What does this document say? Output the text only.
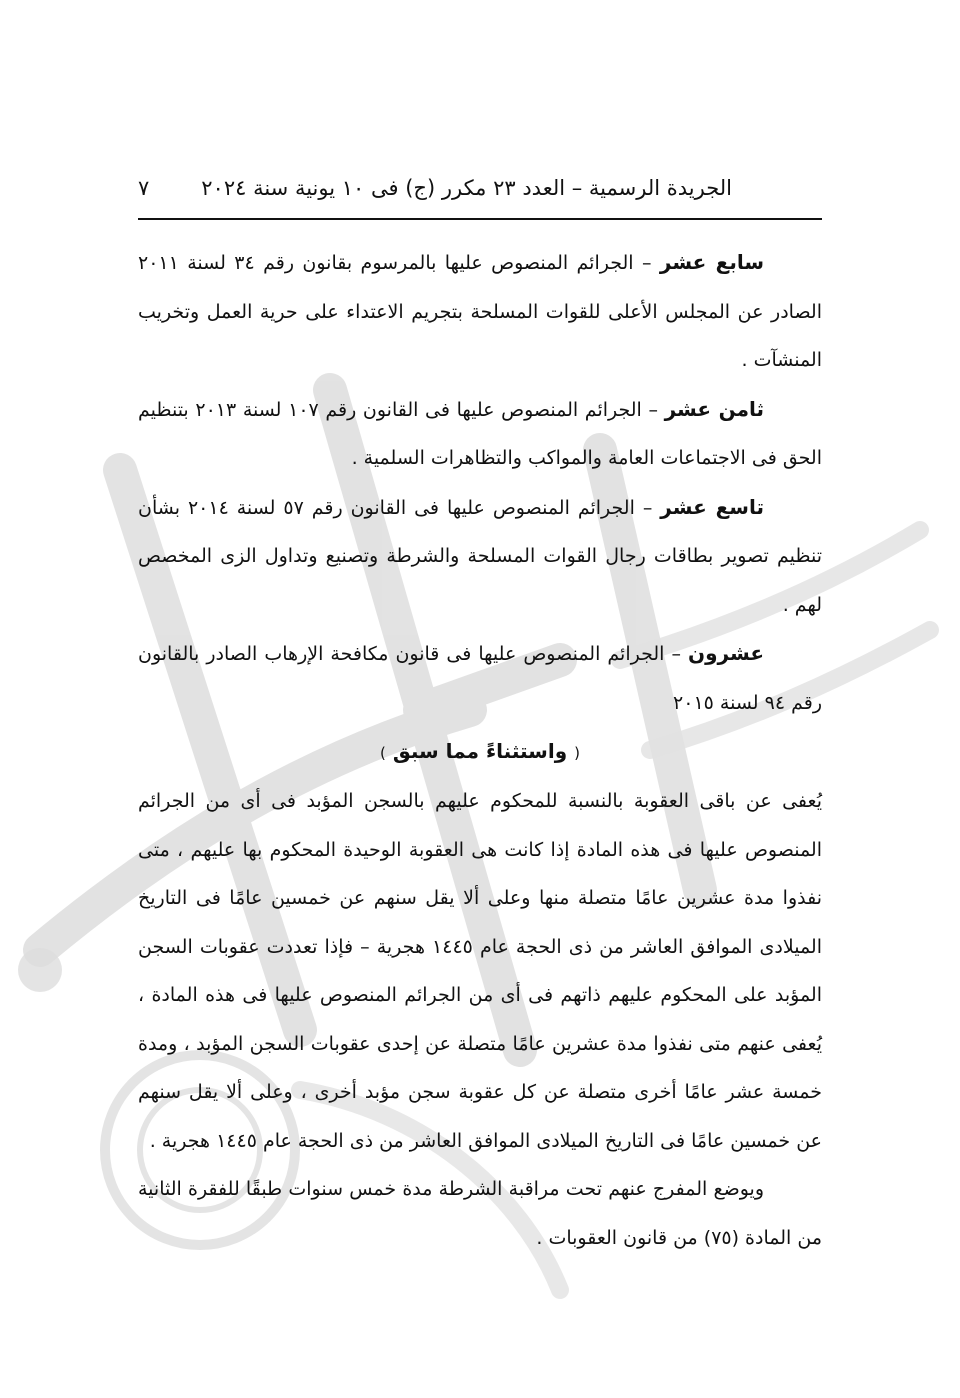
الجريدة الرسمية – العدد ٢٣ مكرر (ج) فى ١٠ يونية سنة ٢٠٢٤
٧

سابع عشر – الجرائم المنصوص عليها بالمرسوم بقانون رقم ٣٤ لسنة ٢٠١١ الصادر عن المجلس الأعلى للقوات المسلحة بتجريم الاعتداء على حرية العمل وتخريب المنشآت .

ثامن عشر – الجرائم المنصوص عليها فى القانون رقم ١٠٧ لسنة ٢٠١٣ بتنظيم الحق فى الاجتماعات العامة والمواكب والتظاهرات السلمية .

تاسع عشر – الجرائم المنصوص عليها فى القانون رقم ٥٧ لسنة ٢٠١٤ بشأن تنظيم تصوير بطاقات رجال القوات المسلحة والشرطة وتصنيع وتداول الزى المخصص لهم .

عشرون – الجرائم المنصوص عليها فى قانون مكافحة الإرهاب الصادر بالقانون رقم ٩٤ لسنة ٢٠١٥

( واستثناءً مما سبق )

يُعفى عن باقى العقوبة بالنسبة للمحكوم عليهم بالسجن المؤبد فى أى من الجرائم المنصوص عليها فى هذه المادة إذا كانت هى العقوبة الوحيدة المحكوم بها عليهم ، متى نفذوا مدة عشرين عامًا متصلة منها وعلى ألا يقل سنهم عن خمسين عامًا فى التاريخ الميلادى الموافق العاشر من ذى الحجة عام ١٤٤٥ هجرية – فإذا تعددت عقوبات السجن المؤبد على المحكوم عليهم ذاتهم فى أى من الجرائم المنصوص عليها فى هذه المادة ، يُعفى عنهم متى نفذوا مدة عشرين عامًا متصلة عن إحدى عقوبات السجن المؤبد ، ومدة خمسة عشر عامًا أخرى متصلة عن كل عقوبة سجن مؤبد أخرى ، وعلى ألا يقل سنهم عن خمسين عامًا فى التاريخ الميلادى الموافق العاشر من ذى الحجة عام ١٤٤٥ هجرية .

ويوضع المفرج عنهم تحت مراقبة الشرطة مدة خمس سنوات طبقًا للفقرة الثانية من المادة (٧٥) من قانون العقوبات .
